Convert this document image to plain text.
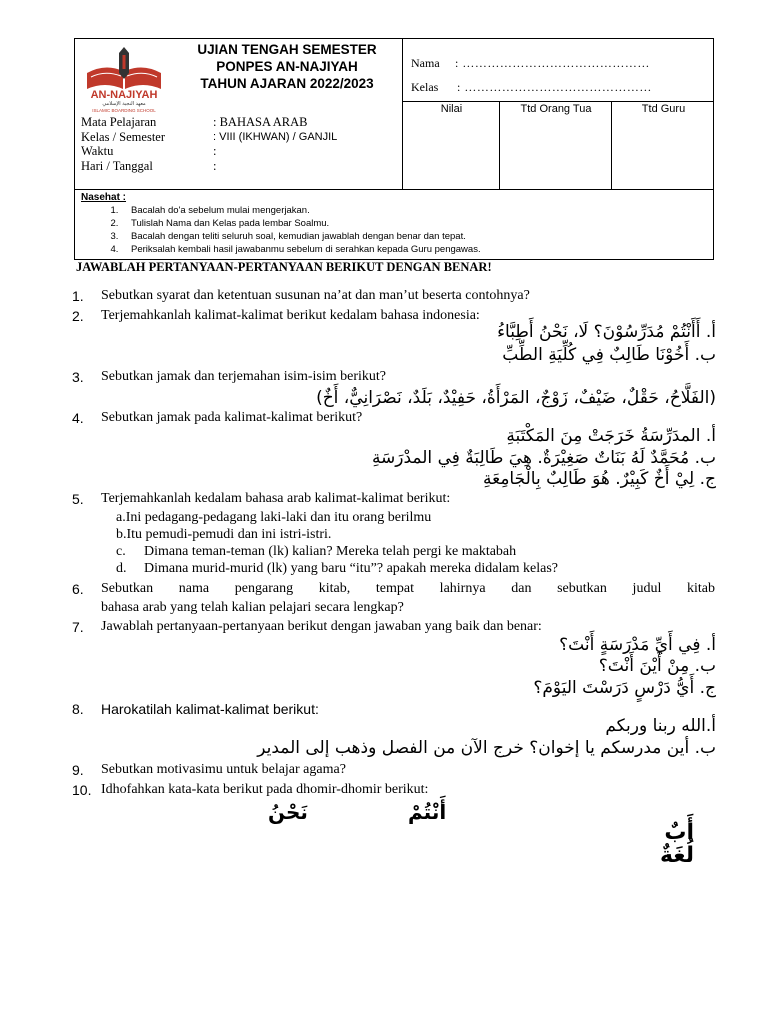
AN-NAJIYAH
معهد النجية الإسلامي
ISLAMIC BOARDING SCHOOL
UJIAN TENGAH SEMESTER
PONPES AN-NAJIYAH
TAHUN AJARAN 2022/2023
Nama	: ………………………………………
Kelas	: ………………………………………
Nilai	Ttd Orang Tua	Ttd Guru
Mata Pelajaran	: BAHASA ARAB
Kelas / Semester	: VIII (IKHWAN) / GANJIL
Waktu	:
Hari / Tanggal	:
Nasehat :
1. Bacalah do'a sebelum mulai mengerjakan.
2. Tulislah Nama dan Kelas pada lembar Soalmu.
3. Bacalah dengan teliti seluruh soal, kemudian jawablah dengan benar dan tepat.
4. Periksalah kembali hasil jawabanmu sebelum di serahkan kepada Guru pengawas.
JAWABLAH PERTANYAAN-PERTANYAAN BERIKUT DENGAN BENAR!
1.	Sebutkan syarat dan ketentuan susunan na’at dan man’ut beserta contohnya?
2.	Terjemahkanlah kalimat-kalimat berikut kedalam bahasa indonesia:
أ. أَأَنْتُمْ مُدَرِّسُوْنَ؟ لَا، نَحْنُ أَطِبَّاءُ
ب. أَخُوْنَا طَالِبٌ فِي كُلِّيَةِ الطِّبِّ
3.	Sebutkan jamak dan terjemahan isim-isim berikut?
(الفَلَّاحُ، حَقْلٌ، ضَيْفٌ، زَوْجٌ، المَرْأَةُ، حَفِيْدٌ، بَلَدٌ، نَصْرَانِيٌّ، أَخٌ)
4.	Sebutkan jamak pada kalimat-kalimat berikut?
أ. المدَرِّسَةُ خَرَجَتْ مِنَ المَكْتَبَةِ
ب. مُحَمَّدٌ لَهُ بَنَاتٌ صَغِيْرَةٌ. هِيَ طَالِبَةٌ فِي المدْرَسَةِ
ج. لِيْ أَخٌ كَبِيْرٌ. هُوَ طَالِبٌ بِالْجَامِعَةِ
5.	Terjemahkanlah kedalam bahasa arab kalimat-kalimat berikut:
a.Ini pedagang-pedagang laki-laki dan itu orang berilmu
b.Itu pemudi-pemudi dan ini istri-istri.
c. Dimana teman-teman (lk) kalian? Mereka telah pergi ke maktabah
d. Dimana murid-murid (lk) yang baru “itu”? apakah mereka didalam kelas?
6.	Sebutkan nama pengarang kitab, tempat lahirnya dan sebutkan judul kitab
bahasa arab yang telah kalian pelajari secara lengkap?
7.	Jawablah pertanyaan-pertanyaan berikut dengan jawaban yang baik dan benar:
أ. فِي أَيِّ مَدْرَسَةٍ أَنْتَ؟
ب. مِنْ أَيْنَ أَنْتَ؟
ج. أَيُّ دَرْسٍ دَرَسْتَ اليَوْمَ؟
8.	Harokatilah kalimat-kalimat berikut:
أ.الله ربنا وربكم
ب. أين مدرسكم يا إخوان؟ خرج الآن من الفصل وذهب إلى المدير
9.	Sebutkan motivasimu untuk belajar agama?
10. Idhofahkan kata-kata berikut pada dhomir-dhomir berikut:
نَحْنُ	أَنْتُمْ
أَبٌ
لُغَةٌ
